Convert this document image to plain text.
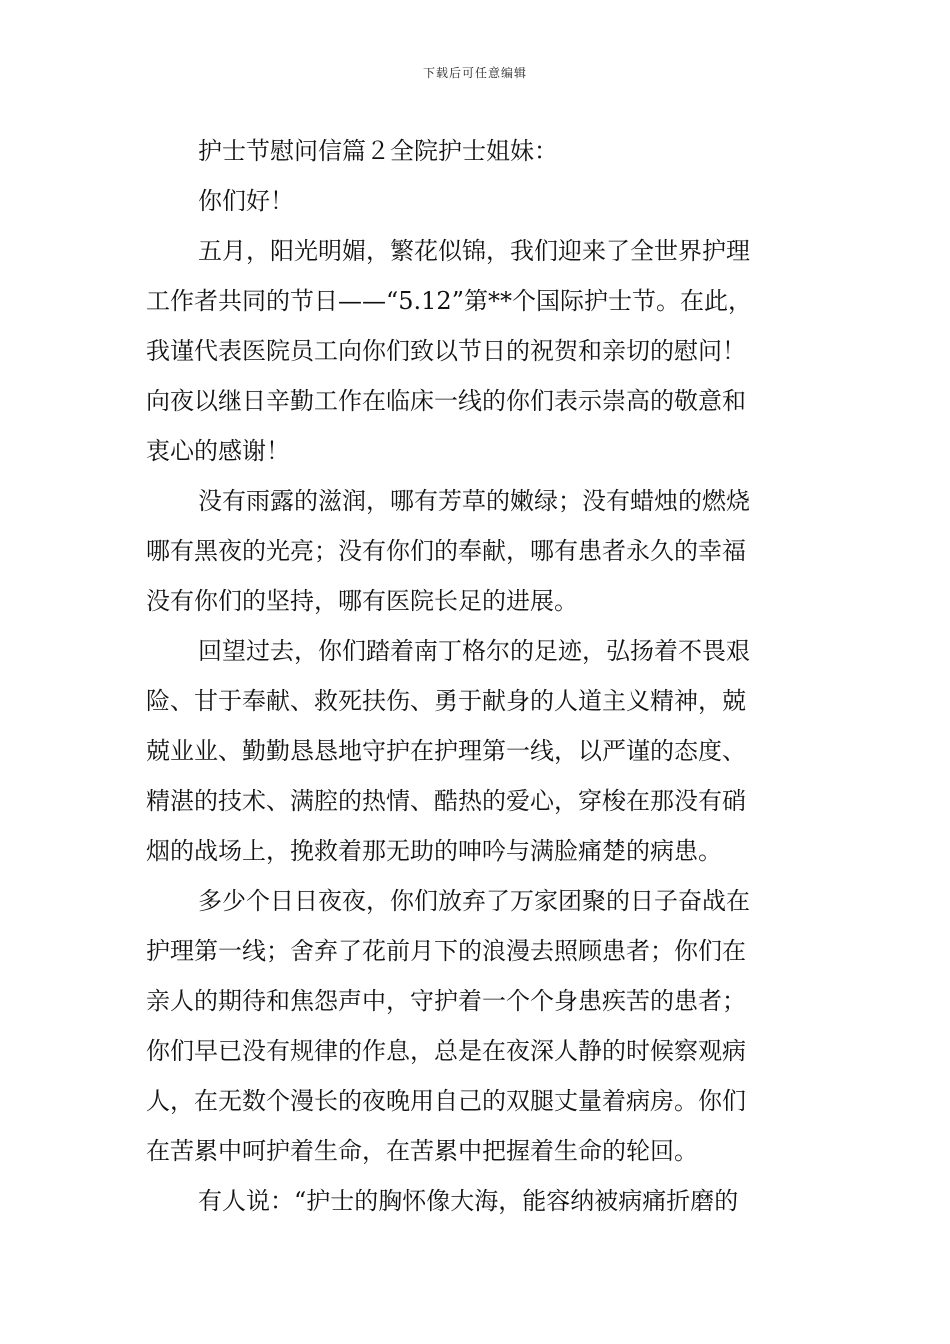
下载后可任意编辑
护士节慰问信篇２全院护士姐妹：
你们好！
五月，阳光明媚，繁花似锦，我们迎来了全世界护理
工作者共同的节日——“5.12”第**个国际护士节。在此，
我谨代表医院员工向你们致以节日的祝贺和亲切的慰问！
向夜以继日辛勤工作在临床一线的你们表示崇高的敬意和
衷心的感谢！
没有雨露的滋润，哪有芳草的嫩绿；没有蜡烛的燃烧
哪有黑夜的光亮；没有你们的奉献，哪有患者永久的幸福
没有你们的坚持，哪有医院长足的进展。
回望过去，你们踏着南丁格尔的足迹，弘扬着不畏艰
险、甘于奉献、救死扶伤、勇于献身的人道主义精神，兢
兢业业、勤勤恳恳地守护在护理第一线，以严谨的态度、
精湛的技术、满腔的热情、酷热的爱心，穿梭在那没有硝
烟的战场上，挽救着那无助的呻吟与满脸痛楚的病患。
多少个日日夜夜，你们放弃了万家团聚的日子奋战在
护理第一线；舍弃了花前月下的浪漫去照顾患者；你们在
亲人的期待和焦怨声中，守护着一个个身患疾苦的患者；
你们早已没有规律的作息，总是在夜深人静的时候察观病
人，在无数个漫长的夜晚用自己的双腿丈量着病房。你们
在苦累中呵护着生命，在苦累中把握着生命的轮回。
有人说：“护士的胸怀像大海，能容纳被病痛折磨的
